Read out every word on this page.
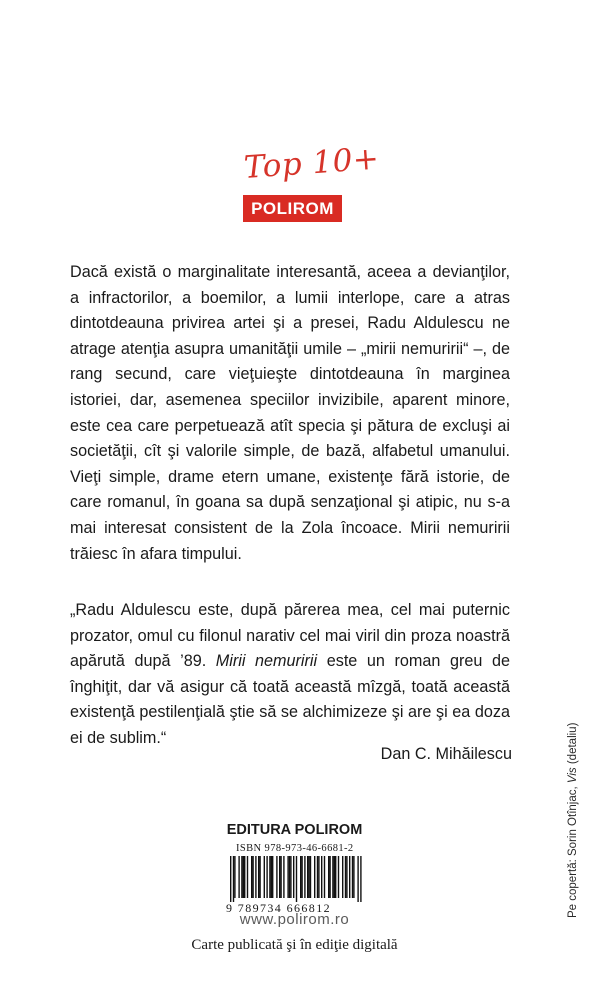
Top 10+
POLIROM

Dacă există o marginalitate interesantă, aceea a devianţilor, a infractorilor, a boemilor, a lumii interlope, care a atras dintotdeauna privirea artei şi a presei, Radu Aldulescu ne atrage atenţia asupra umanităţii umile – „mirii nemuririi“ –, de rang secund, care vieţuieşte dintotdeauna în marginea istoriei, dar, asemenea speciilor invizibile, aparent minore, este cea care perpetuează atît specia şi pătura de excluşi ai societăţii, cît şi valorile simple, de bază, alfabetul umanului. Vieţi simple, drame etern umane, existenţe fără istorie, de care romanul, în goana sa după senzaţional şi atipic, nu s-a mai interesat consistent de la Zola încoace. Mirii nemuririi trăiesc în afara timpului.

„Radu Aldulescu este, după părerea mea, cel mai puternic prozator, omul cu filonul narativ cel mai viril din proza noastră apărută după ’89. Mirii nemuririi este un roman greu de înghiţit, dar vă asigur că toată această mîzgă, toată această existenţă pestilenţială ştie să se alchimizeze şi are şi ea doza ei de sublim.“

Dan C. Mihăilescu
EDITURA POLIROM
ISBN 978-973-46-6681-2
9 789734 666812
www.polirom.ro
Carte publicată şi în ediţie digitală
Pe copertă: Sorin Otînjac, Vis (detaliu)
